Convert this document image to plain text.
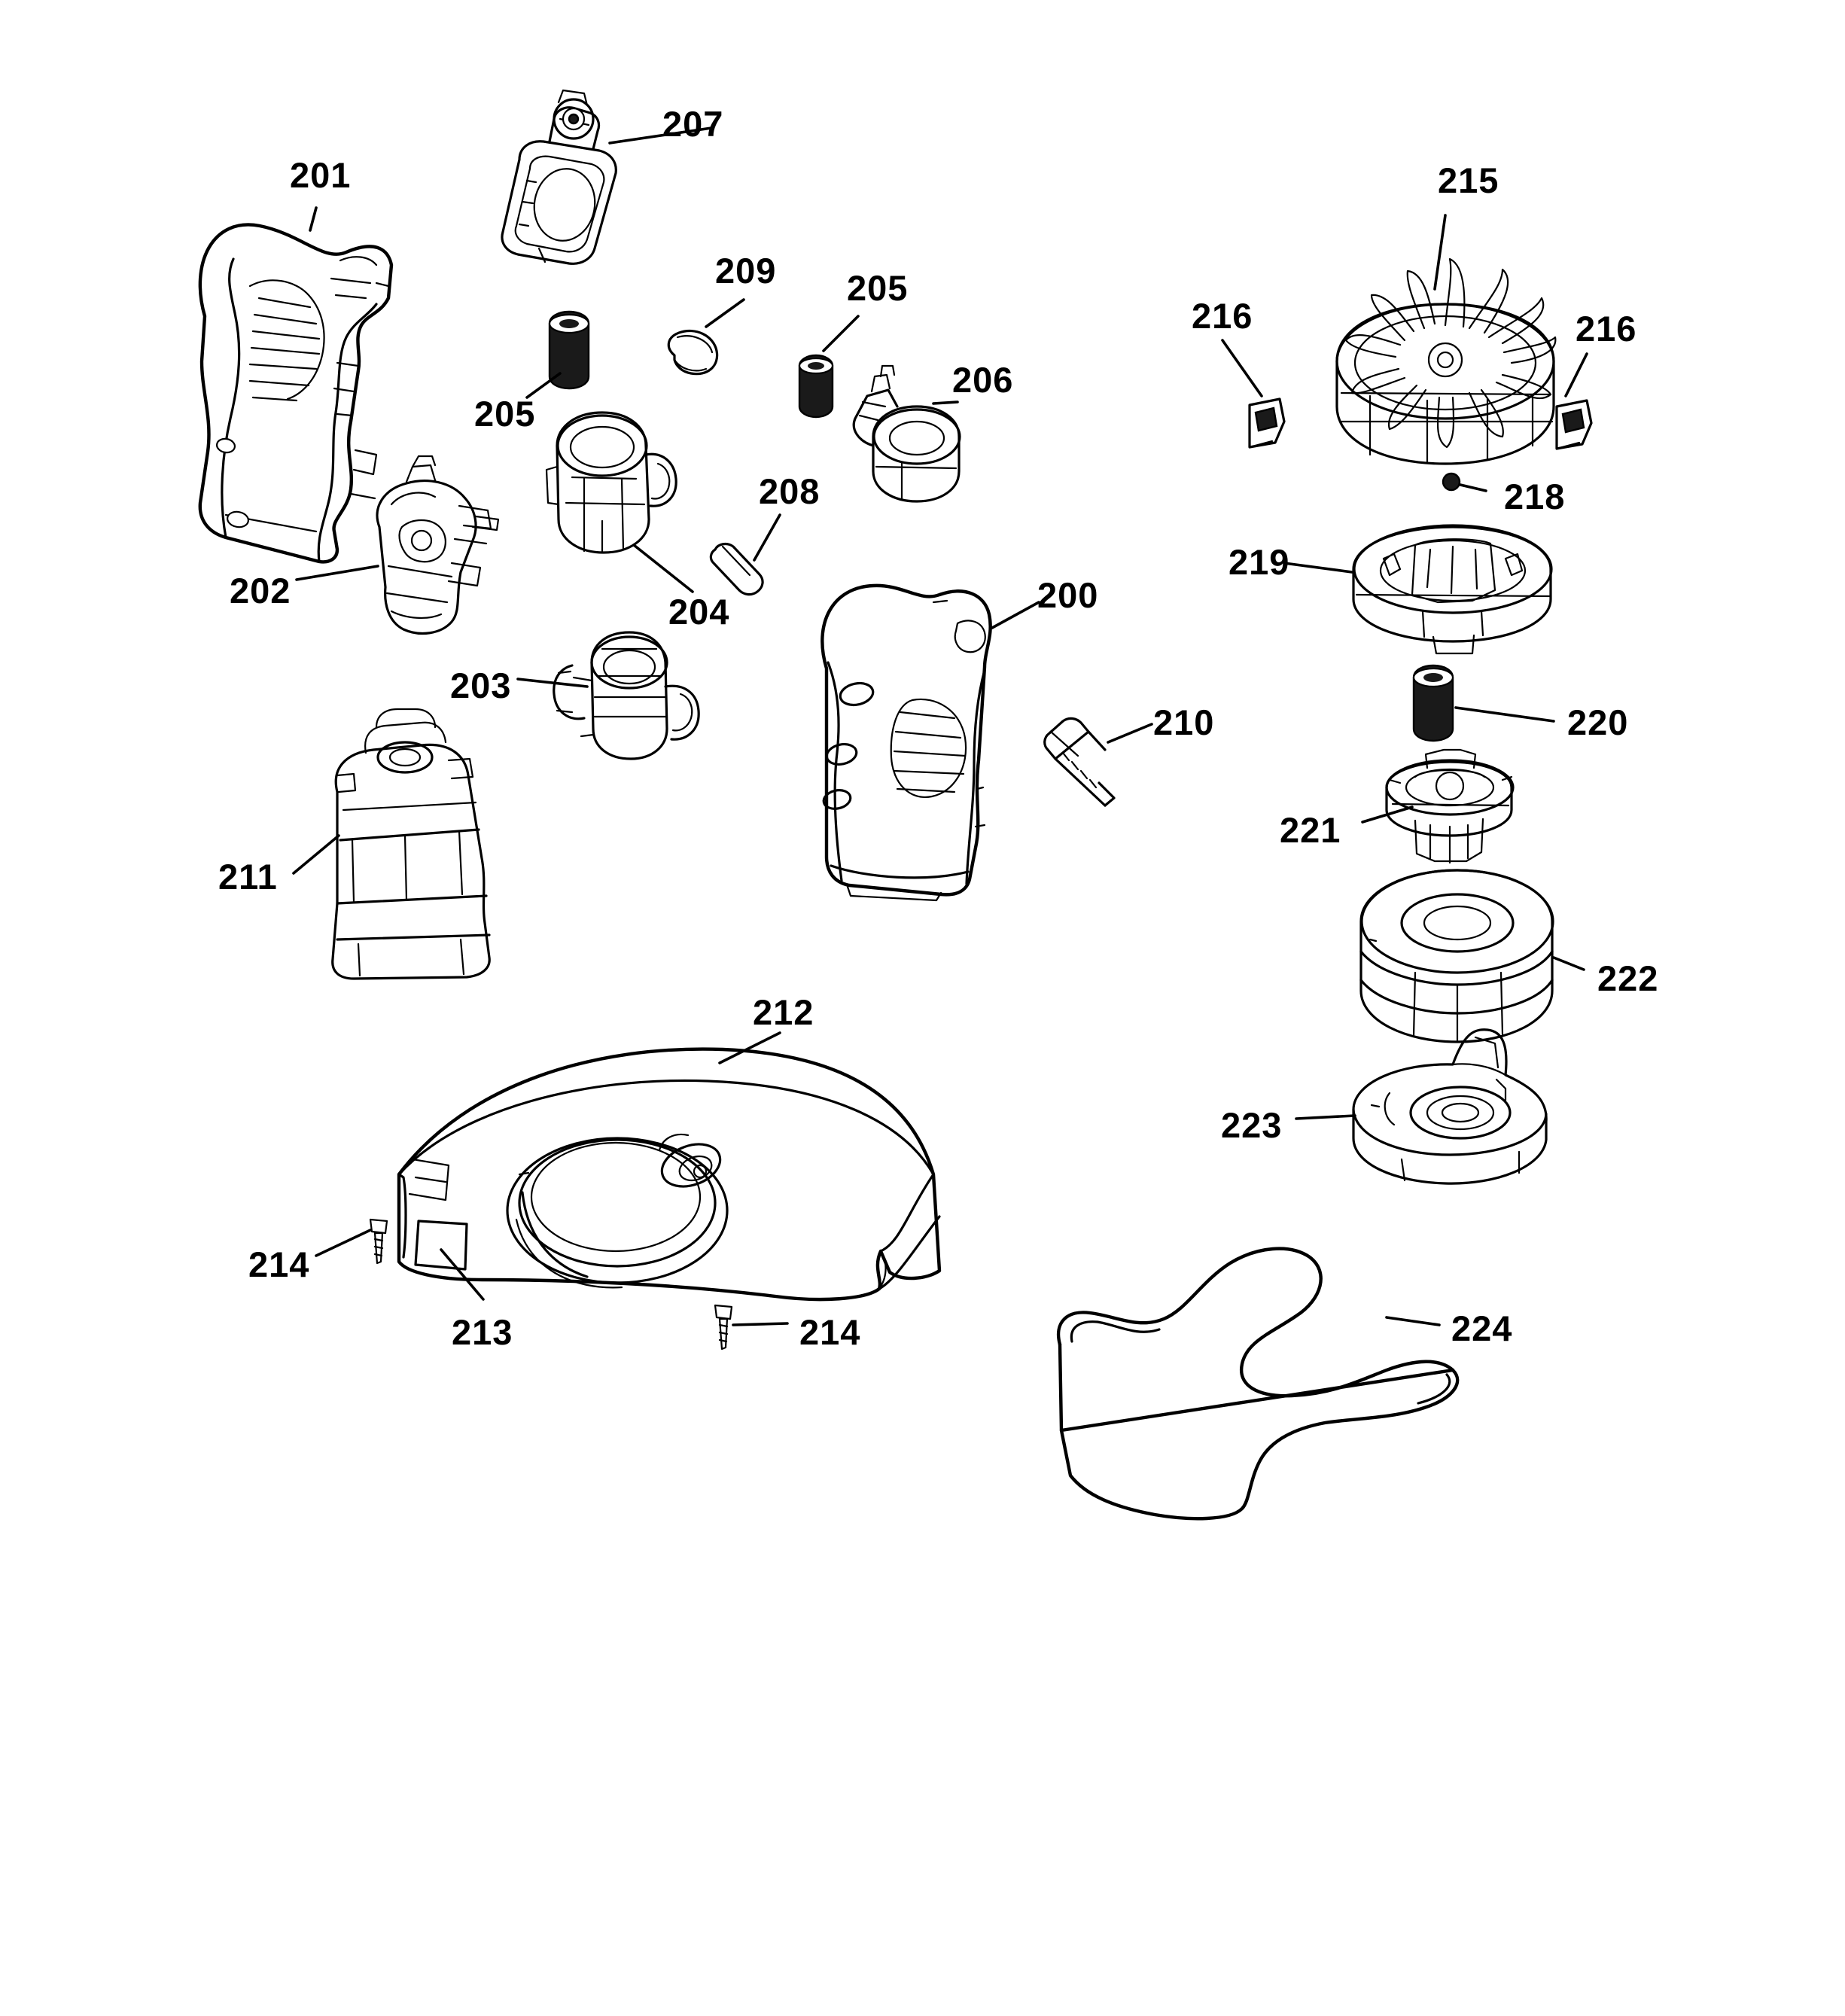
207
201	215
209 205
216	216
206
205
218
208
219
202
204	200
203
220
210
221
211
222
212
223
214
213	214	224
